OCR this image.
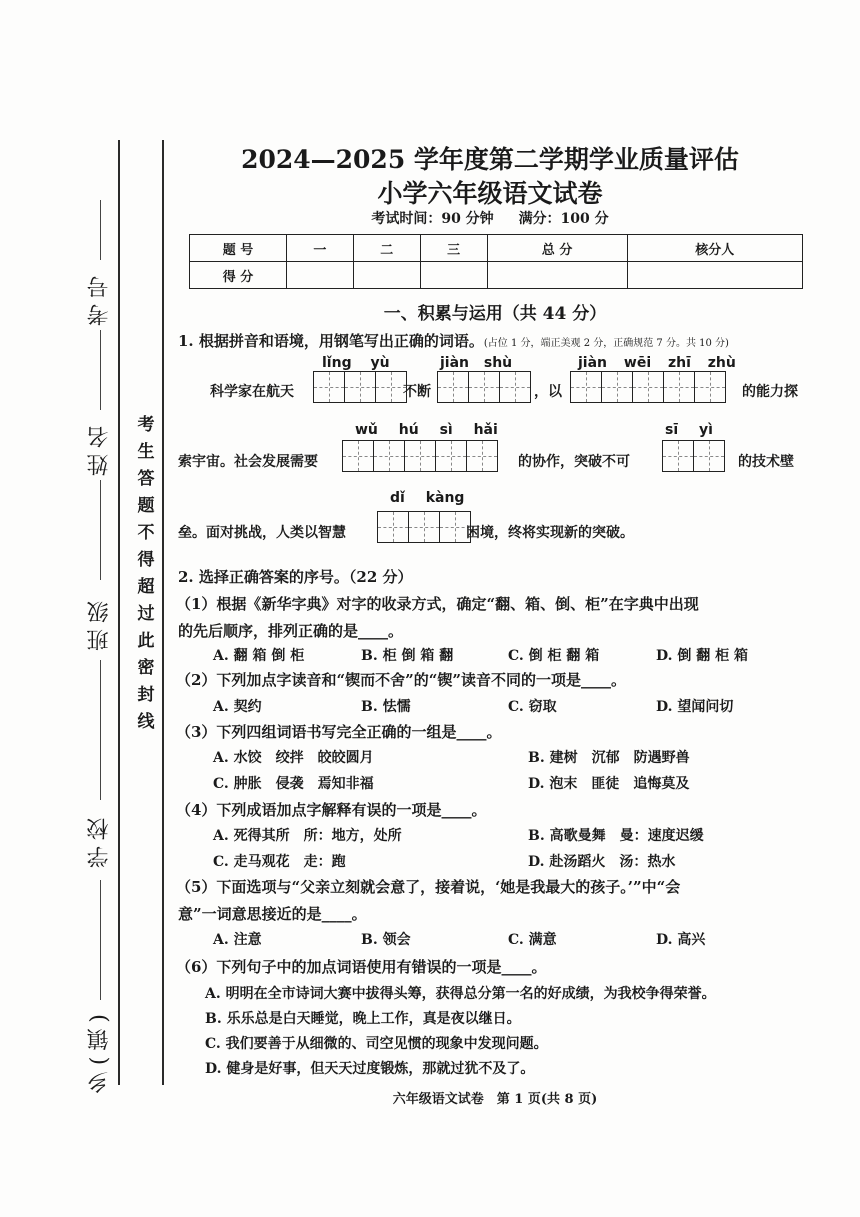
考号
姓名
班级
学校
乡(镇)
考
生
答
题
不
得
超
过
此
密
封
线
2024—2025 学年度第二学期学业质量评估
小学六年级语文试卷
考试时间：90 分钟 满分：100 分
题 号	一	二	三	总 分	核分人
得 分					
一、积累与运用（共 44 分）
1. 根据拼音和语境，用钢笔写出正确的词语。(占位 1 分，端正美观 2 分，正确规范 7 分。共 10 分)
lǐng yù	jiàn shù	jiàn wēi zhī zhù
科学家在航天	不断	，以	的能力探
wǔ hú sì hǎi	sī yì
索宇宙。社会发展需要	的协作，突破不可	的技术壁
dǐ kàng
垒。面对挑战，人类以智慧	困境，终将实现新的突破。
2. 选择正确答案的序号。（22 分）
（1）根据《新华字典》对字的收录方式，确定“翻、箱、倒、柜”在字典中出现
的先后顺序，排列正确的是____。
A. 翻 箱 倒 柜	B. 柜 倒 箱 翻	C. 倒 柜 翻 箱	D. 倒 翻 柜 箱
（2）下列加点字读音和“锲而不舍”的“锲”读音不同的一项是____。
A. 契约	B. 怯懦	C. 窃取	D. 望闻问切
（3）下列四组词语书写完全正确的一组是____。
A. 水饺　绞拌　皎皎圆月	B. 建树　沉郁　防遇野兽
C. 肿胀　侵袭　焉知非福	D. 泡末　匪徒　追悔莫及
（4）下列成语加点字解释有误的一项是____。
A. 死得其所　所：地方，处所	B. 高歌曼舞　曼：速度迟缓
C. 走马观花　走：跑	D. 赴汤蹈火　汤：热水
（5）下面选项与“父亲立刻就会意了，接着说，‘她是我最大的孩子。’”中“会
意”一词意思接近的是____。
A. 注意	B. 领会	C. 满意	D. 高兴
（6）下列句子中的加点词语使用有错误的一项是____。
A. 明明在全市诗词大赛中拔得头筹，获得总分第一名的好成绩，为我校争得荣誉。
B. 乐乐总是白天睡觉，晚上工作，真是夜以继日。
C. 我们要善于从细微的、司空见惯的现象中发现问题。
D. 健身是好事，但天天过度锻炼，那就过犹不及了。
六年级语文试卷　第 1 页(共 8 页)
